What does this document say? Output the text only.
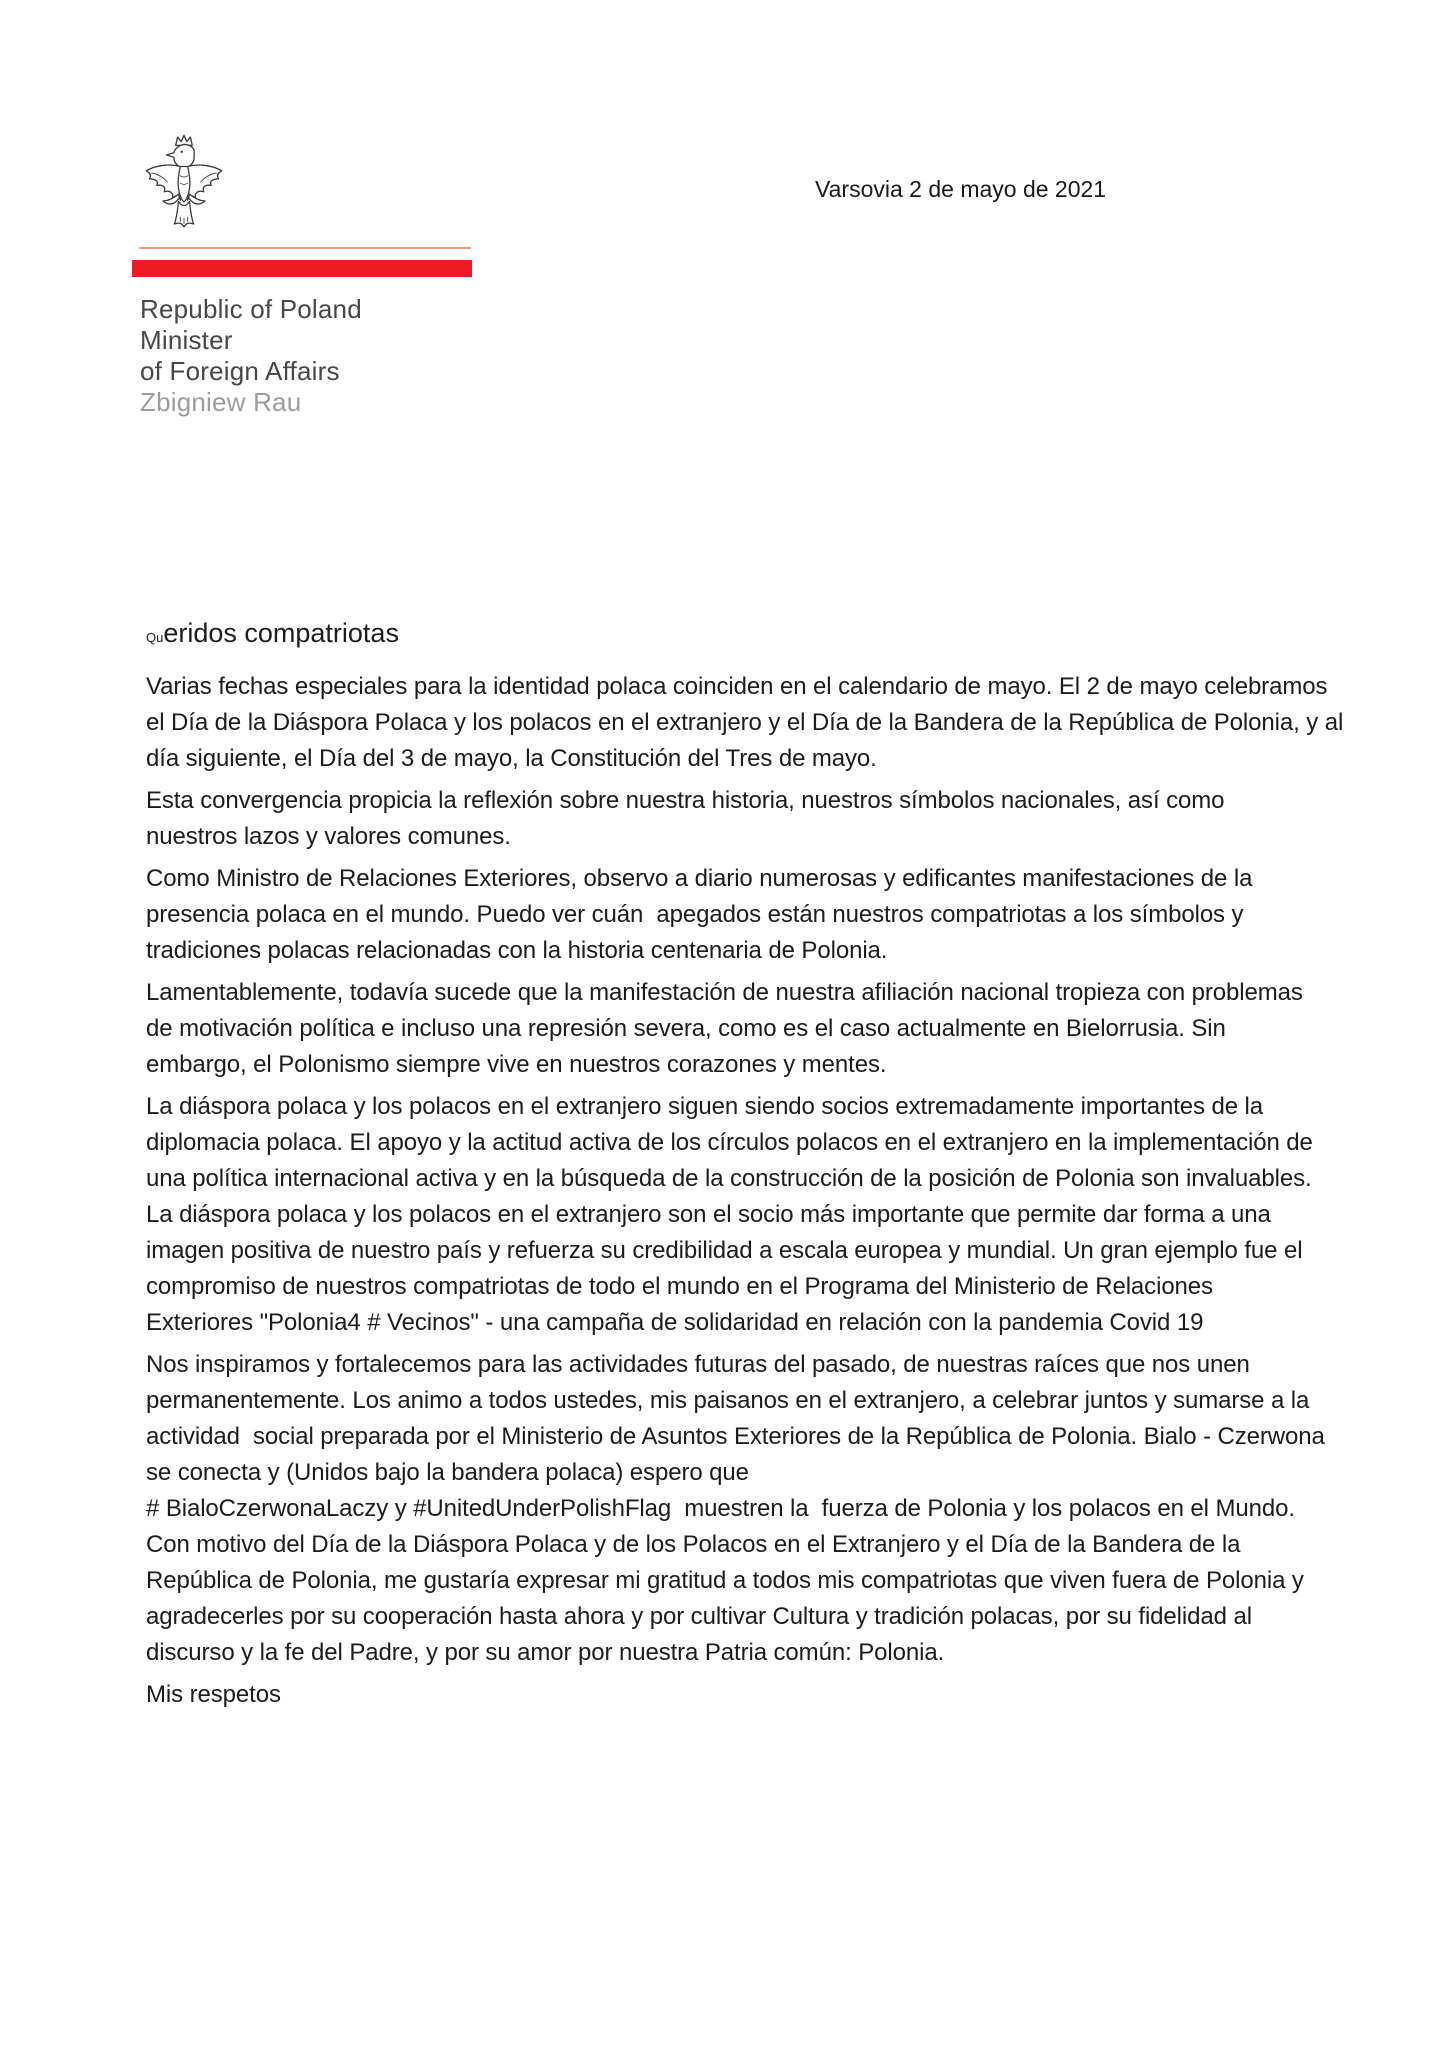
Republic of Poland
Minister
of Foreign Affairs
Zbigniew Rau
Varsovia 2 de mayo de 2021
Queridos compatriotas
Varias fechas especiales para la identidad polaca coinciden en el calendario de mayo. El 2 de mayo celebramos
el Día de la Diáspora Polaca y los polacos en el extranjero y el Día de la Bandera de la República de Polonia, y al
día siguiente, el Día del 3 de mayo, la Constitución del Tres de mayo.
Esta convergencia propicia la reflexión sobre nuestra historia, nuestros símbolos nacionales, así como
nuestros lazos y valores comunes.
Como Ministro de Relaciones Exteriores, observo a diario numerosas y edificantes manifestaciones de la
presencia polaca en el mundo. Puedo ver cuán  apegados están nuestros compatriotas a los símbolos y
tradiciones polacas relacionadas con la historia centenaria de Polonia.
Lamentablemente, todavía sucede que la manifestación de nuestra afiliación nacional tropieza con problemas
de motivación política e incluso una represión severa, como es el caso actualmente en Bielorrusia. Sin
embargo, el Polonismo siempre vive en nuestros corazones y mentes.
La diáspora polaca y los polacos en el extranjero siguen siendo socios extremadamente importantes de la
diplomacia polaca. El apoyo y la actitud activa de los círculos polacos en el extranjero en la implementación de
una política internacional activa y en la búsqueda de la construcción de la posición de Polonia son invaluables.
La diáspora polaca y los polacos en el extranjero son el socio más importante que permite dar forma a una
imagen positiva de nuestro país y refuerza su credibilidad a escala europea y mundial. Un gran ejemplo fue el
compromiso de nuestros compatriotas de todo el mundo en el Programa del Ministerio de Relaciones
Exteriores "Polonia4 # Vecinos" - una campaña de solidaridad en relación con la pandemia Covid 19
Nos inspiramos y fortalecemos para las actividades futuras del pasado, de nuestras raíces que nos unen
permanentemente. Los animo a todos ustedes, mis paisanos en el extranjero, a celebrar juntos y sumarse a la
actividad  social preparada por el Ministerio de Asuntos Exteriores de la República de Polonia. Bialo - Czerwona
se conecta y (Unidos bajo la bandera polaca) espero que
# BialoCzerwonaLaczy y #UnitedUnderPolishFlag  muestren la  fuerza de Polonia y los polacos en el Mundo.
Con motivo del Día de la Diáspora Polaca y de los Polacos en el Extranjero y el Día de la Bandera de la
República de Polonia, me gustaría expresar mi gratitud a todos mis compatriotas que viven fuera de Polonia y
agradecerles por su cooperación hasta ahora y por cultivar Cultura y tradición polacas, por su fidelidad al
discurso y la fe del Padre, y por su amor por nuestra Patria común: Polonia.
Mis respetos
